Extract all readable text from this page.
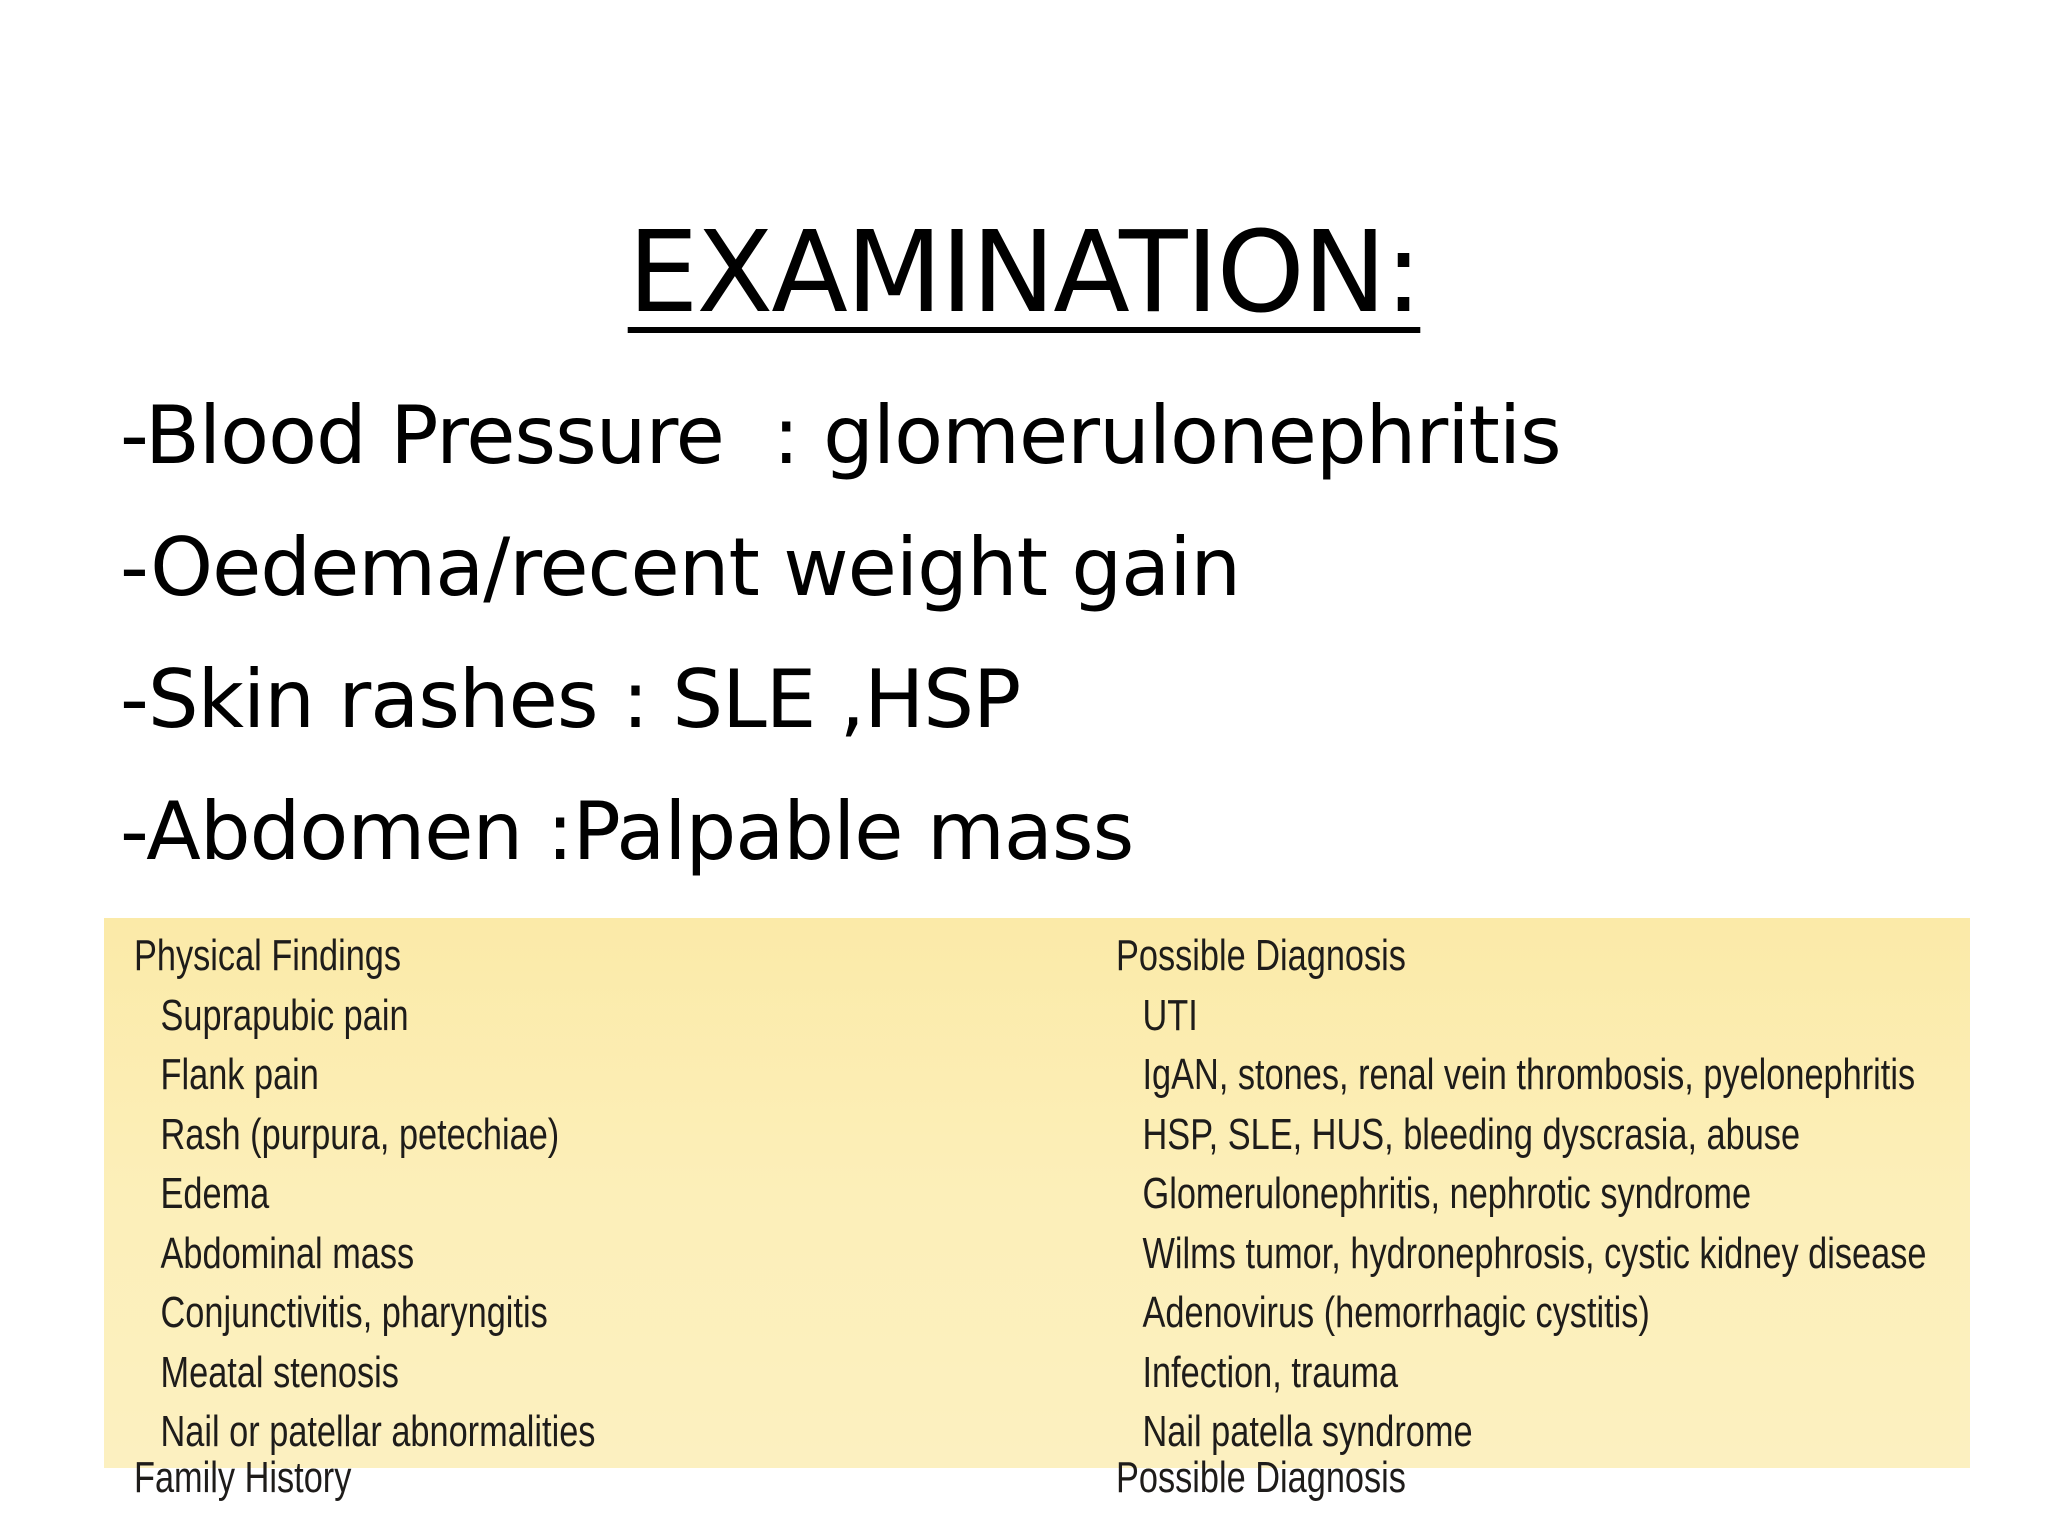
EXAMINATION:
-Blood Pressure  : glomerulonephritis
-Oedema/recent weight gain
-Skin rashes : SLE ,HSP
-Abdomen :Palpable mass
Physical Findings
Suprapubic pain
Flank pain
Rash (purpura, petechiae)
Edema
Abdominal mass
Conjunctivitis, pharyngitis
Meatal stenosis
Nail or patellar abnormalities
Possible Diagnosis
UTI
IgAN, stones, renal vein thrombosis, pyelonephritis
HSP, SLE, HUS, bleeding dyscrasia, abuse
Glomerulonephritis, nephrotic syndrome
Wilms tumor, hydronephrosis, cystic kidney disease
Adenovirus (hemorrhagic cystitis)
Infection, trauma
Nail patella syndrome
Family History	Possible Diagnosis
